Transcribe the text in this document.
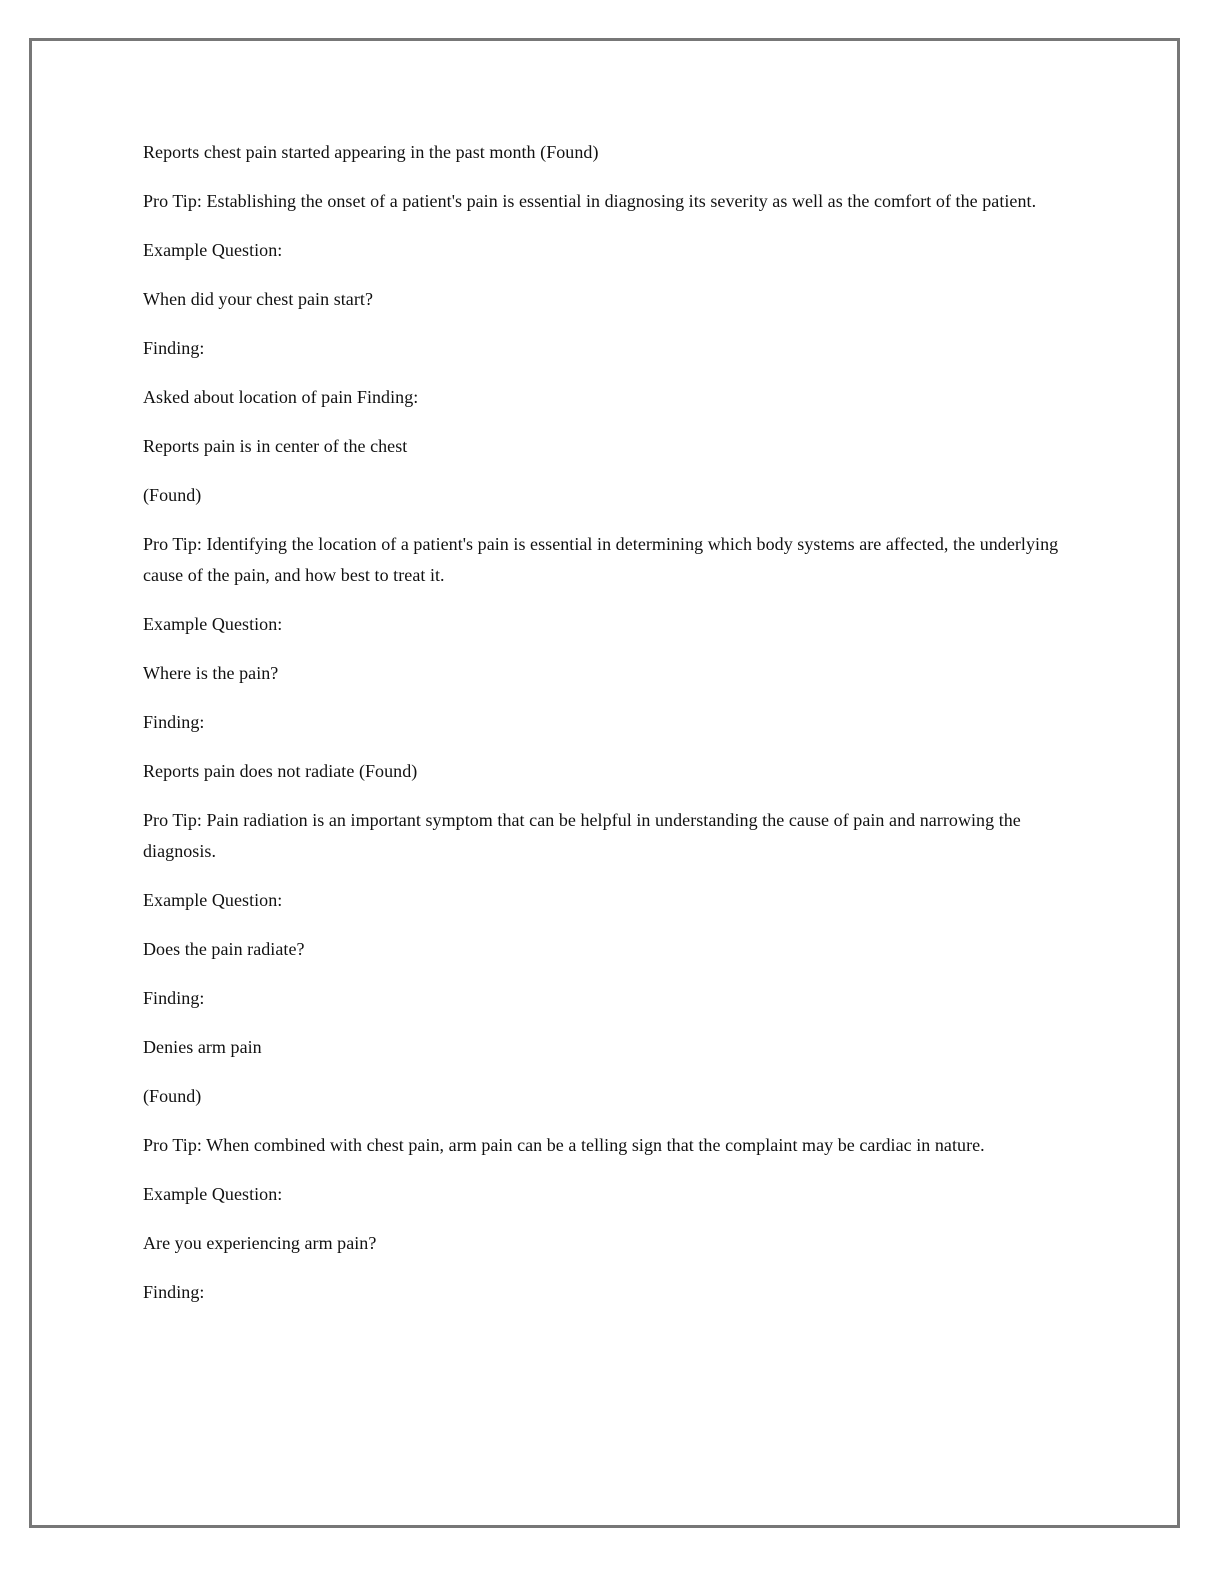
Reports chest pain started appearing in the past month (Found)

Pro Tip: Establishing the onset of a patient's pain is essential in diagnosing its severity as well as the comfort of the patient.

Example Question:

When did your chest pain start?

Finding:

Asked about location of pain Finding:

Reports pain is in center of the chest

(Found)

Pro Tip: Identifying the location of a patient's pain is essential in determining which body systems are affected, the underlying cause of the pain, and how best to treat it.

Example Question:

Where is the pain?

Finding:

Reports pain does not radiate (Found)

Pro Tip: Pain radiation is an important symptom that can be helpful in understanding the cause of pain and narrowing the diagnosis.

Example Question:

Does the pain radiate?

Finding:

Denies arm pain

(Found)

Pro Tip: When combined with chest pain, arm pain can be a telling sign that the complaint may be cardiac in nature.

Example Question:

Are you experiencing arm pain?

Finding:
